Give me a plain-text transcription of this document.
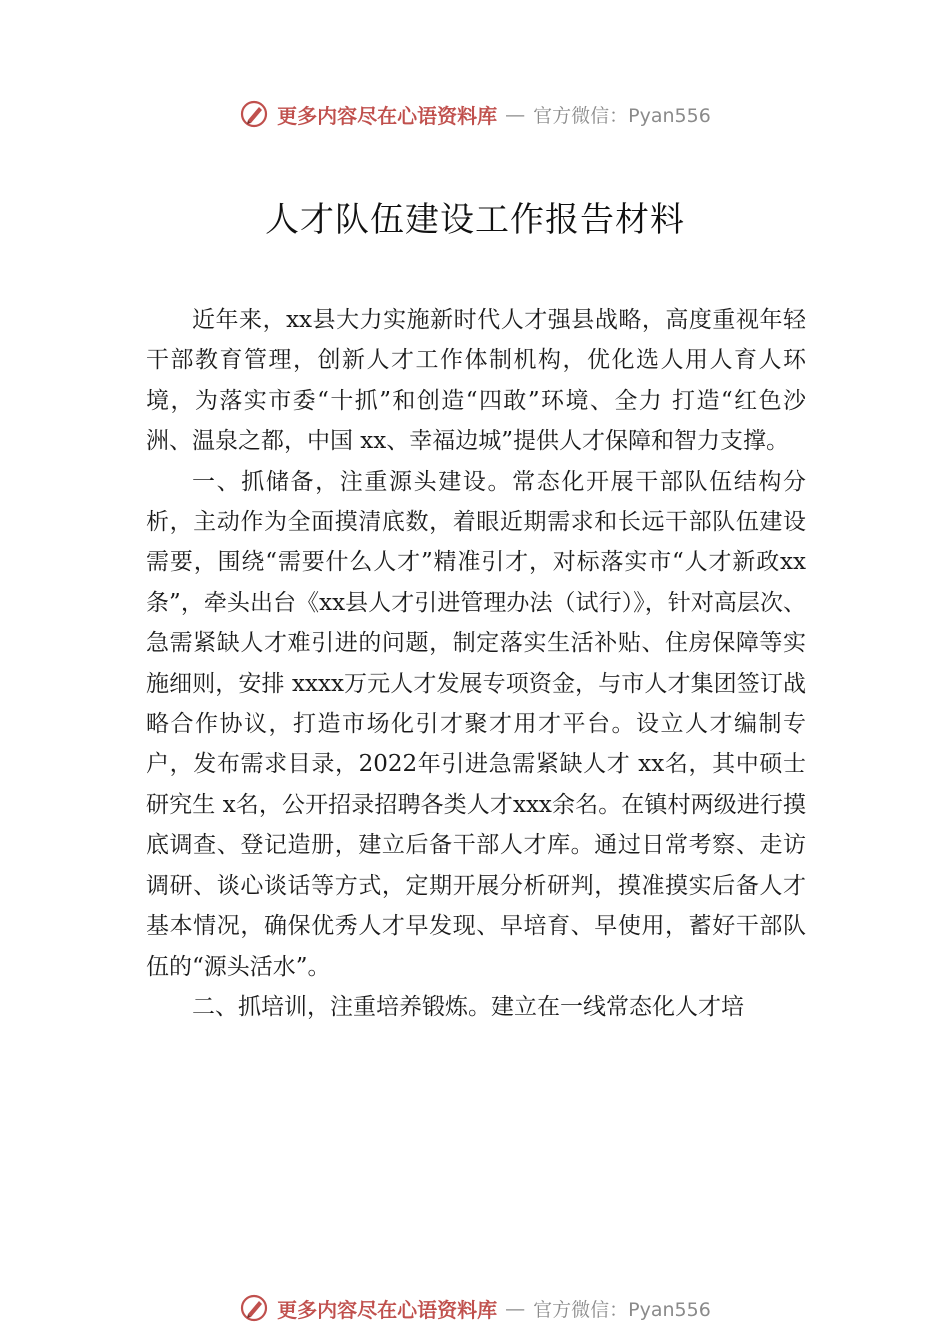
更多内容尽在心语资料库 — 官方微信：Pyan556
人才队伍建设工作报告材料

近年来，xx县大力实施新时代人才强县战略，高度重视年轻干部教育管理，创新人才工作体制机构，优化选人用人育人环境，为落实市委“十抓”和创造“四敢”环境、全力 打造“红色沙洲、温泉之都，中国 xx、幸福边城”提供人才保障和智力支撑。

一、抓储备，注重源头建设。常态化开展干部队伍结构分析，主动作为全面摸清底数，着眼近期需求和长远干部队伍建设需要，围绕“需要什么人才”精准引才，对标落实市“人才新政xx条”，牵头出台《xx县人才引进管理办法（试行）》，针对高层次、急需紧缺人才难引进的问题，制定落实生活补贴、住房保障等实施细则，安排 xxxx万元人才发展专项资金，与市人才集团签订战略合作协议，打造市场化引才聚才用才平台。设立人才编制专户，发布需求目录，2022年引进急需紧缺人才 xx名，其中硕士研究生 x名，公开招录招聘各类人才xxx余名。在镇村两级进行摸底调查、登记造册，建立后备干部人才库。通过日常考察、走访调研、谈心谈话等方式，定期开展分析研判，摸准摸实后备人才基本情况，确保优秀人才早发现、早培育、早使用，蓄好干部队伍的“源头活水”。

二、抓培训，注重培养锻炼。建立在一线常态化人才培

更多内容尽在心语资料库 — 官方微信：Pyan556
